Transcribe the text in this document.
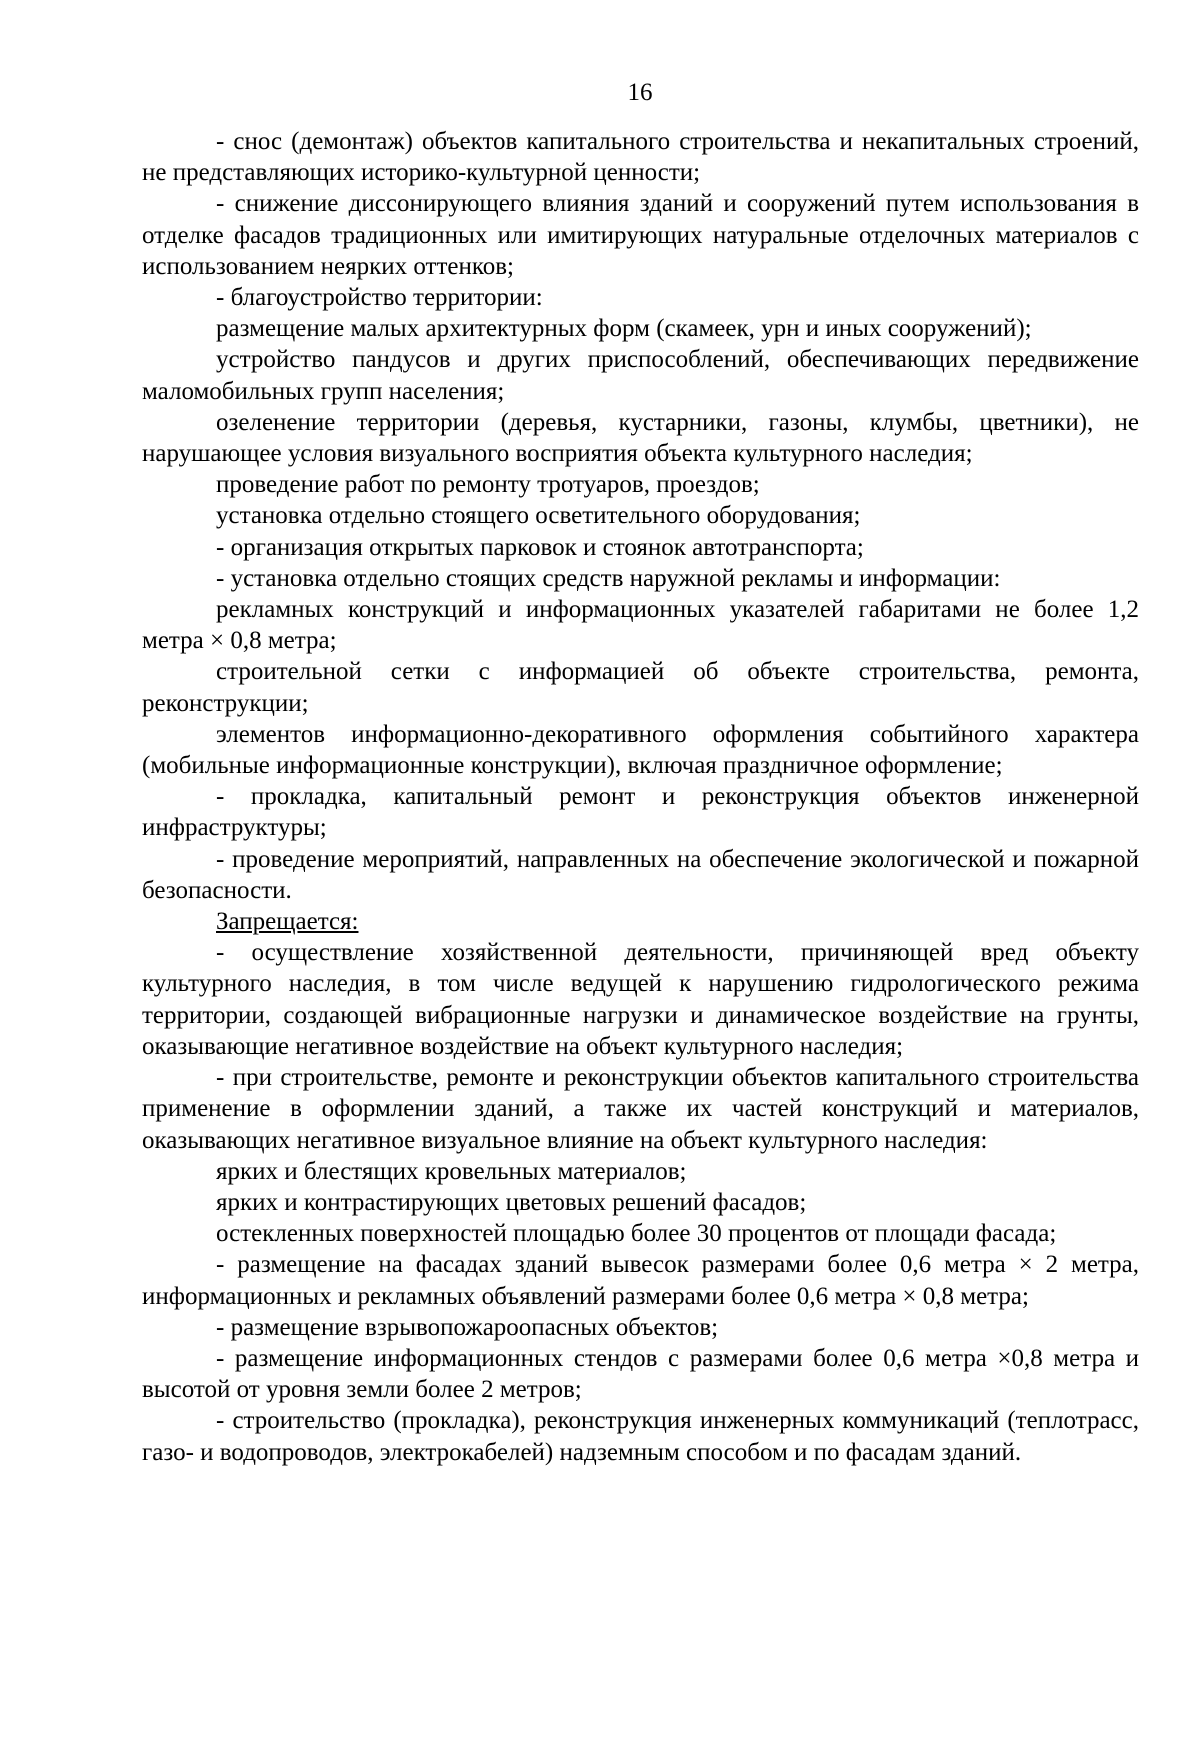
16

- снос (демонтаж) объектов капитального строительства и некапитальных строений, не представляющих историко-культурной ценности;

- снижение диссонирующего влияния зданий и сооружений путем использования в отделке фасадов традиционных или имитирующих натуральные отделочных материалов с использованием неярких оттенков;

- благоустройство территории:

размещение малых архитектурных форм (скамеек, урн и иных сооружений);

устройство пандусов и других приспособлений, обеспечивающих передвижение маломобильных групп населения;

озеленение территории (деревья, кустарники, газоны, клумбы, цветники), не нарушающее условия визуального восприятия объекта культурного наследия;

проведение работ по ремонту тротуаров, проездов;

установка отдельно стоящего осветительного оборудования;

- организация открытых парковок и стоянок автотранспорта;

- установка отдельно стоящих средств наружной рекламы и информации:

рекламных конструкций и информационных указателей габаритами не более 1,2 метра × 0,8 метра;

строительной сетки с информацией об объекте строительства, ремонта, реконструкции;

элементов информационно-декоративного оформления событийного характера (мобильные информационные конструкции), включая праздничное оформление;

- прокладка, капитальный ремонт и реконструкция объектов инженерной инфраструктуры;

- проведение мероприятий, направленных на обеспечение экологической и пожарной безопасности.

Запрещается:

- осуществление хозяйственной деятельности, причиняющей вред объекту культурного наследия, в том числе ведущей к нарушению гидрологического режима территории, создающей вибрационные нагрузки и динамическое воздействие на грунты, оказывающие негативное воздействие на объект культурного наследия;

- при строительстве, ремонте и реконструкции объектов капитального строительства применение в оформлении зданий, а также их частей конструкций и материалов, оказывающих негативное визуальное влияние на объект культурного наследия:

ярких и блестящих кровельных материалов;

ярких и контрастирующих цветовых решений фасадов;

остекленных поверхностей площадью более 30 процентов от площади фасада;

- размещение на фасадах зданий вывесок размерами более 0,6 метра × 2 метра, информационных и рекламных объявлений размерами более 0,6 метра × 0,8 метра;

- размещение взрывопожароопасных объектов;

- размещение информационных стендов с размерами более 0,6 метра ×0,8 метра и высотой от уровня земли более 2 метров;

- строительство (прокладка), реконструкция инженерных коммуникаций (теплотрасс, газо- и водопроводов, электрокабелей) надземным способом и по фасадам зданий.
